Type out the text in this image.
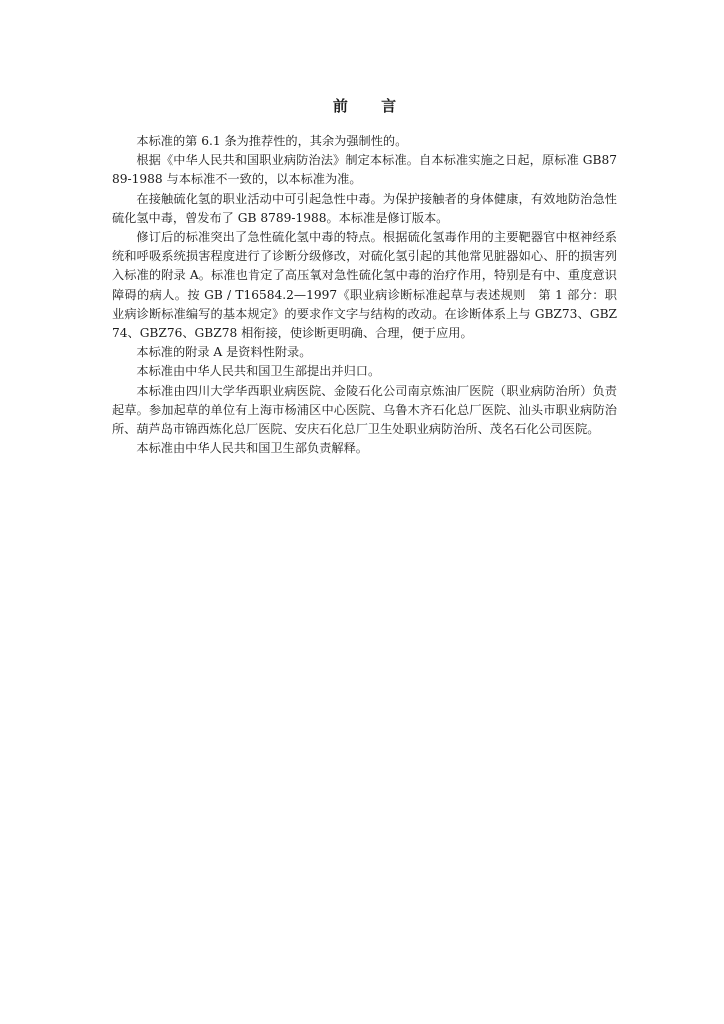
前 言

本标准的第 6.1 条为推荐性的，其余为强制性的。

根据《中华人民共和国职业病防治法》制定本标准。自本标准实施之日起，原标准 GB8789-1988 与本标准不一致的，以本标准为准。

在接触硫化氢的职业活动中可引起急性中毒。为保护接触者的身体健康，有效地防治急性硫化氢中毒，曾发布了 GB 8789-1988。本标准是修订版本。

修订后的标准突出了急性硫化氢中毒的特点。根据硫化氢毒作用的主要靶器官中枢神经系统和呼吸系统损害程度进行了诊断分级修改，对硫化氢引起的其他常见脏器如心、肝的损害列入标准的附录 A。标准也肯定了高压氧对急性硫化氢中毒的治疗作用，特别是有中、重度意识障碍的病人。按 GB / T16584.2—1997《职业病诊断标准起草与表述规则　第 1 部分：职业病诊断标准编写的基本规定》的要求作文字与结构的改动。在诊断体系上与 GBZ73、GBZ74、GBZ76、GBZ78 相衔接，使诊断更明确、合理，便于应用。

本标准的附录 A 是资料性附录。

本标准由中华人民共和国卫生部提出并归口。

本标准由四川大学华西职业病医院、金陵石化公司南京炼油厂医院（职业病防治所）负责起草。参加起草的单位有上海市杨浦区中心医院、乌鲁木齐石化总厂医院、汕头市职业病防治所、葫芦岛市锦西炼化总厂医院、安庆石化总厂卫生处职业病防治所、茂名石化公司医院。

本标准由中华人民共和国卫生部负责解释。
